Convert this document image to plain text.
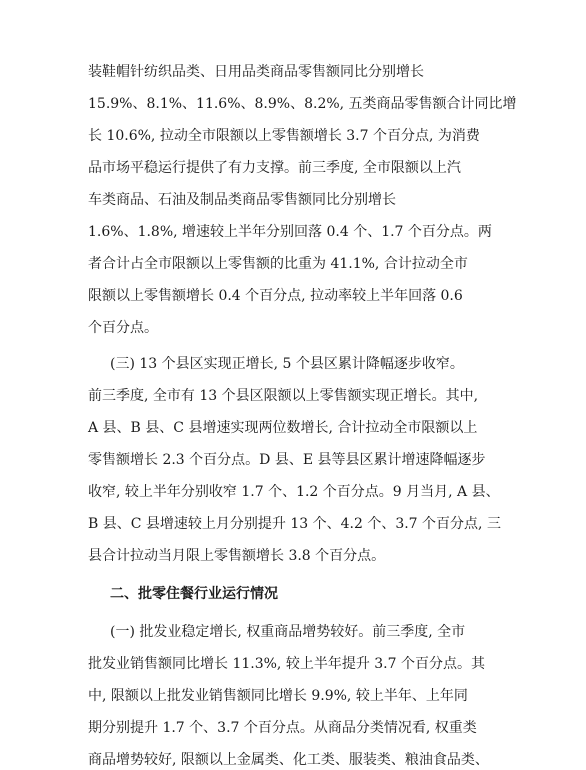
装鞋帽针纺织品类、日用品类商品零售额同比分别增长
15.9%、8.1%、11.6%、8.9%、8.2%, 五类商品零售额合计同比增
长 10.6%, 拉动全市限额以上零售额增长 3.7 个百分点, 为消费
品市场平稳运行提供了有力支撑。前三季度, 全市限额以上汽
车类商品、石油及制品类商品零售额同比分别增长
1.6%、1.8%, 增速较上半年分别回落 0.4 个、1.7 个百分点。两
者合计占全市限额以上零售额的比重为 41.1%, 合计拉动全市
限额以上零售额增长 0.4 个百分点, 拉动率较上半年回落 0.6
个百分点。
(三) 13 个县区实现正增长, 5 个县区累计降幅逐步收窄。
前三季度, 全市有 13 个县区限额以上零售额实现正增长。其中,
A 县、B 县、C 县增速实现两位数增长, 合计拉动全市限额以上
零售额增长 2.3 个百分点。D 县、E 县等县区累计增速降幅逐步
收窄, 较上半年分别收窄 1.7 个、1.2 个百分点。9 月当月, A 县、
B 县、C 县增速较上月分别提升 13 个、4.2 个、3.7 个百分点, 三
县合计拉动当月限上零售额增长 3.8 个百分点。
二、批零住餐行业运行情况
(一) 批发业稳定增长, 权重商品增势较好。前三季度, 全市
批发业销售额同比增长 11.3%, 较上半年提升 3.7 个百分点。其
中, 限额以上批发业销售额同比增长 9.9%, 较上半年、上年同
期分别提升 1.7 个、3.7 个百分点。从商品分类情况看, 权重类
商品增势较好, 限额以上金属类、化工类、服装类、粮油食品类、
